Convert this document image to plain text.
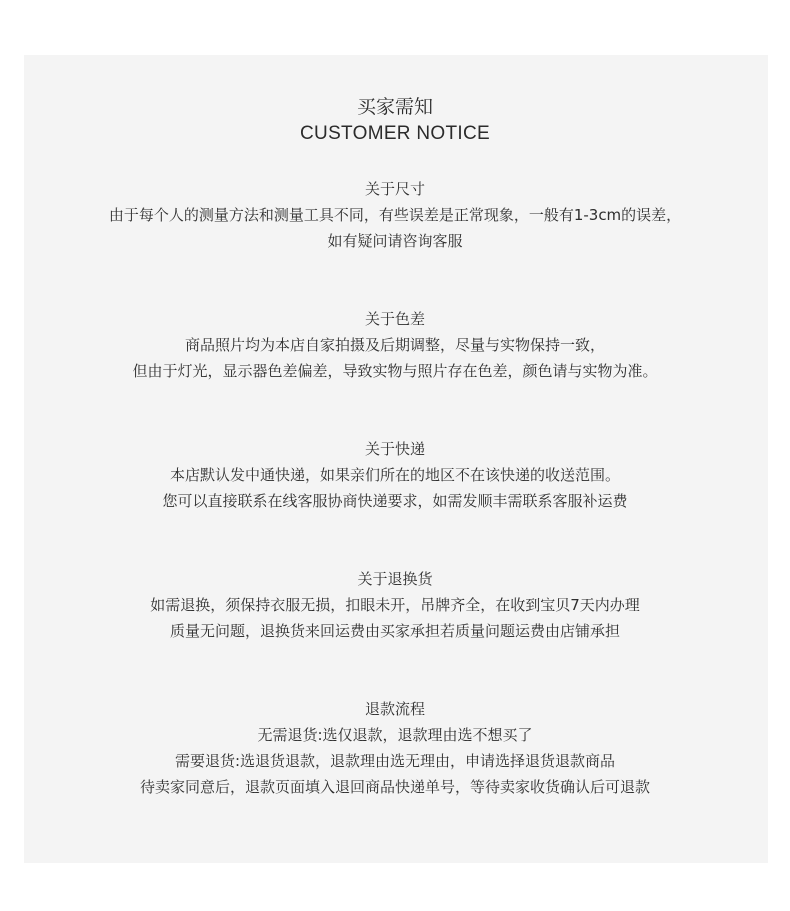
买家需知
CUSTOMER NOTICE
关于尺寸
由于每个人的测量方法和测量工具不同，有些误差是正常现象，一般有1-3cm的误差，
如有疑问请咨询客服
关于色差
商品照片均为本店自家拍摄及后期调整，尽量与实物保持一致，
但由于灯光，显示器色差偏差，导致实物与照片存在色差，颜色请与实物为准。
关于快递
本店默认发中通快递，如果亲们所在的地区不在该快递的收送范围。
您可以直接联系在线客服协商快递要求，如需发顺丰需联系客服补运费
关于退换货
如需退换，须保持衣服无损，扣眼未开，吊牌齐全，在收到宝贝7天内办理
质量无问题，退换货来回运费由买家承担若质量问题运费由店铺承担
退款流程
无需退货:选仅退款，退款理由选不想买了
需要退货:选退货退款，退款理由选无理由，申请选择退货退款商品
待卖家同意后，退款页面填入退回商品快递单号，等待卖家收货确认后可退款
